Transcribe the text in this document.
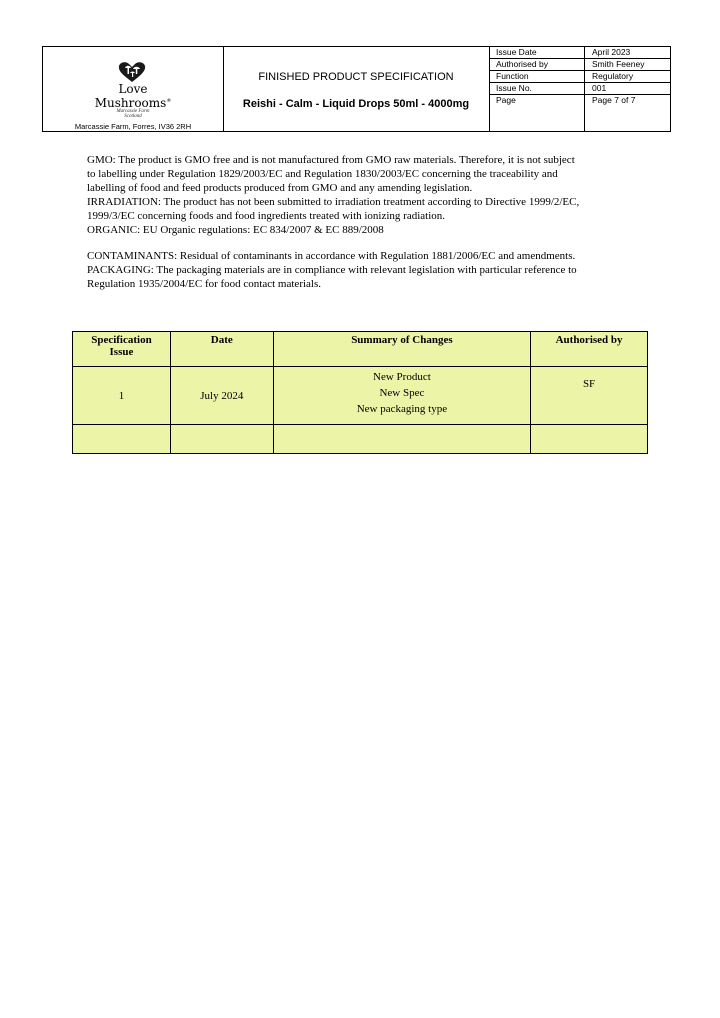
Love
Mushrooms®
Marcassie Farm
Scotland
Marcassie Farm, Forres, IV36 2RH
FINISHED PRODUCT SPECIFICATION
Reishi - Calm - Liquid Drops 50ml - 4000mg
Issue Date	April 2023
Authorised by	Smith Feeney
Function	Regulatory
Issue No.	001
Page	Page 7 of 7
GMO: The product is GMO free and is not manufactured from GMO raw materials. Therefore, it is not subject
to labelling under Regulation 1829/2003/EC and Regulation 1830/2003/EC concerning the traceability and
labelling of food and feed products produced from GMO and any amending legislation.
IRRADIATION: The product has not been submitted to irradiation treatment according to Directive 1999/2/EC,
1999/3/EC concerning foods and food ingredients treated with ionizing radiation.
ORGANIC: EU Organic regulations: EC 834/2007 & EC 889/2008
CONTAMINANTS: Residual of contaminants in accordance with Regulation 1881/2006/EC and amendments.
PACKAGING: The packaging materials are in compliance with relevant legislation with particular reference to
Regulation 1935/2004/EC for food contact materials.
Specification
Issue	Date	Summary of Changes	Authorised by
1	July 2024	New Product
New Spec
New packaging type	SF
